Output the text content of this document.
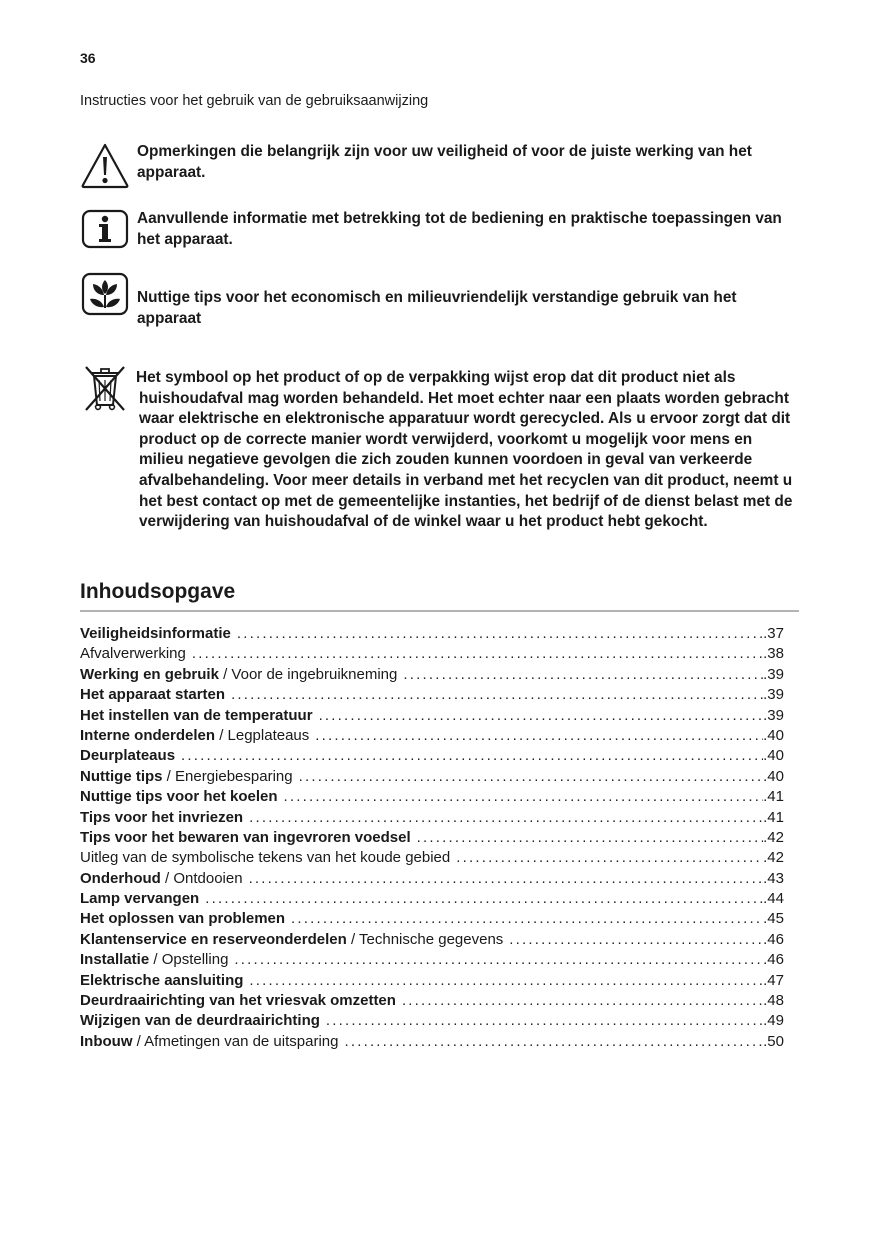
36
Instructies voor het gebruik van de gebruiksaanwijzing
Opmerkingen die belangrijk zijn voor uw veiligheid of voor de juiste werking van het apparaat.
Aanvullende informatie met betrekking tot de bediening en praktische toepassingen van het apparaat.
Nuttige tips voor het economisch en milieuvriendelijk verstandige gebruik van het apparaat
Het symbool op het product of op de verpakking wijst erop dat dit product niet als huishoudafval mag worden behandeld. Het moet echter naar een plaats worden gebracht waar elektrische en elektronische apparatuur wordt gerecycled. Als u ervoor zorgt dat dit product op de correcte manier wordt verwijderd, voorkomt u mogelijk voor mens en milieu negatieve gevolgen die zich zouden kunnen voordoen in geval van verkeerde afvalbehandeling. Voor meer details in verband met het recyclen van dit product, neemt u het best contact op met de gemeentelijke instanties, het bedrijf of de dienst belast met de verwijdering van huishoudafval of de winkel waar u het product hebt gekocht.
Inhoudsopgave
Veiligheidsinformatie .....	.37
Afvalverwerking .....	.38
Werking en gebruik / Voor de ingebruikneming .....	.39
Het apparaat starten .....	.39
Het instellen van de temperatuur .....	.39
Interne onderdelen / Legplateaus .....	.40
Deurplateaus .....	.40
Nuttige tips / Energiebesparing .....	.40
Nuttige tips voor het koelen .....	.41
Tips voor het invriezen .....	.41
Tips voor het bewaren van ingevroren voedsel .....	.42
Uitleg van de symbolische tekens van het koude gebied .....	.42
Onderhoud / Ontdooien .....	.43
Lamp vervangen .....	.44
Het oplossen van problemen .....	.45
Klantenservice en reserveonderdelen / Technische gegevens .....	.46
Installatie / Opstelling .....	.46
Elektrische aansluiting .....	.47
Deurdraairichting van het vriesvak omzetten .....	.48
Wijzigen van de deurdraairichting .....	.49
Inbouw / Afmetingen van de uitsparing .....	.50
